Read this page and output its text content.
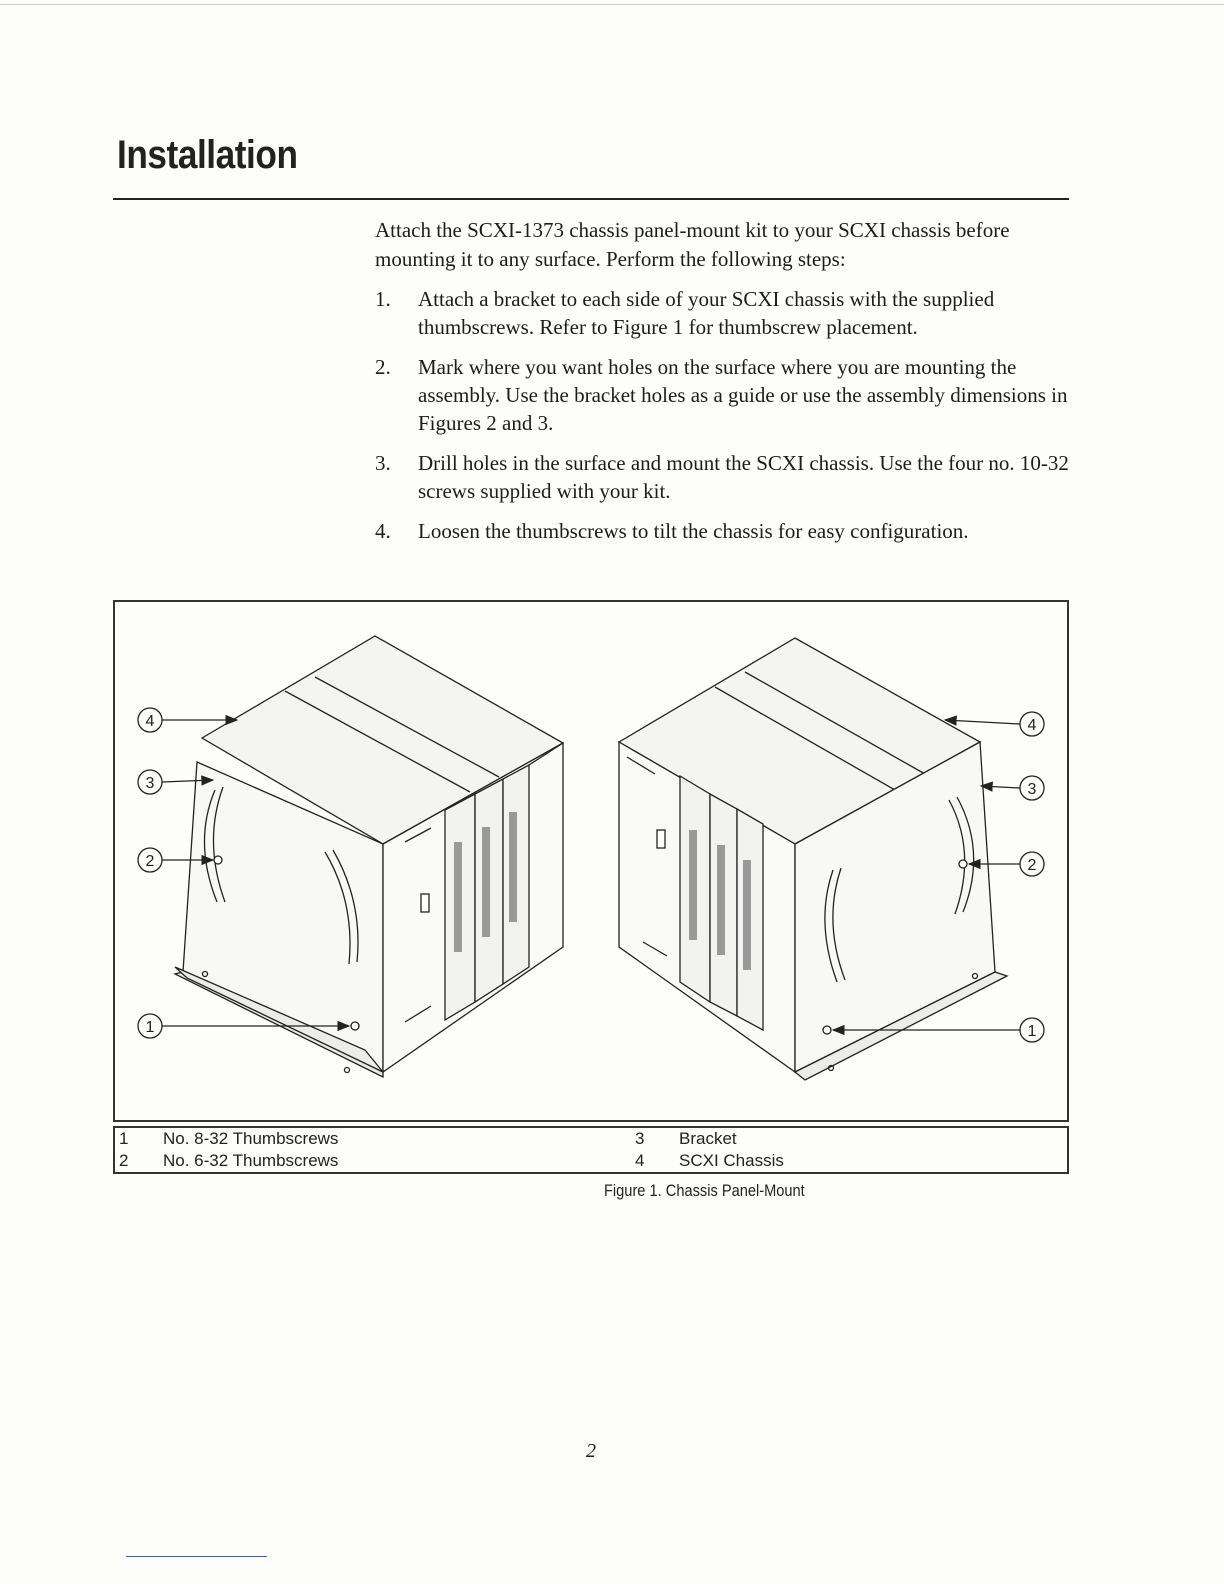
Installation

Attach the SCXI-1373 chassis panel-mount kit to your SCXI chassis before mounting it to any surface. Perform the following steps:

1. Attach a bracket to each side of your SCXI chassis with the supplied thumbscrews. Refer to Figure 1 for thumbscrew placement.
2. Mark where you want holes on the surface where you are mounting the assembly. Use the bracket holes as a guide or use the assembly dimensions in Figures 2 and 3.
3. Drill holes in the surface and mount the SCXI chassis. Use the four no. 10-32 screws supplied with your kit.
4. Loosen the thumbscrews to tilt the chassis for easy configuration.
4
3
2
1
4
3
2
1
1	No. 8-32 Thumbscrews
2	No. 6-32 Thumbscrews
3	Bracket
4	SCXI Chassis

Figure 1. Chassis Panel-Mount

2
